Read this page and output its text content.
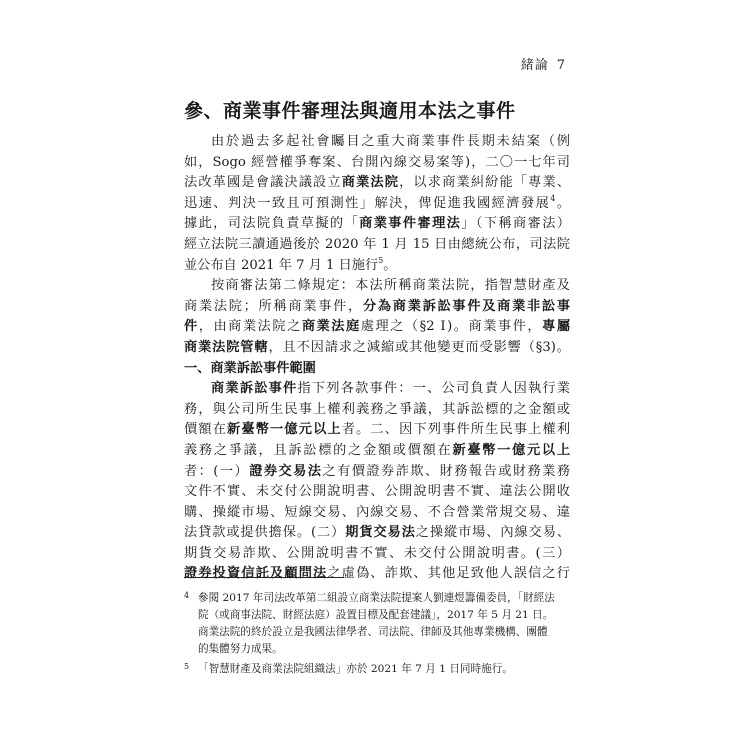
緒論 7
參、商業事件審理法與適用本法之事件
由於過去多起社會矚目之重大商業事件長期未結案（例
如，Sogo 經營權爭奪案、台開內線交易案等)，二〇一七年司
法改革國是會議決議設立商業法院，以求商業糾紛能「專業、
迅速、判決一致且可預測性」解決，俾促進我國經濟發展$^4$。
據此，司法院負責草擬的「商業事件審理法」（下稱商審法）
經立法院三讀通過後於 2020 年 1 月 15 日由總統公布，司法院
並公布自 2021 年 7 月 1 日施行$^5$。
按商審法第二條規定：本法所稱商業法院，指智慧財產及
商業法院；所稱商業事件，分為商業訴訟事件及商業非訟事
件，由商業法院之商業法庭處理之（§2 Ⅰ)。商業事件，專屬
商業法院管轄，且不因請求之減縮或其他變更而受影響（§3)。
一、商業訴訟事件範圍
商業訴訟事件指下列各款事件：一、公司負責人因執行業
務，與公司所生民事上權利義務之爭議，其訴訟標的之金額或
價額在新臺幣一億元以上者。二、因下列事件所生民事上權利
義務之爭議，且訴訟標的之金額或價額在新臺幣一億元以上
者：(一）證券交易法之有價證券詐欺、財務報告或財務業務
文件不實、未交付公開說明書、公開說明書不實、違法公開收
購、操縱市場、短線交易、內線交易、不合營業常規交易、違
法貸款或提供擔保。(二）期貨交易法之操縱市場、內線交易、
期貨交易詐欺、公開說明書不實、未交付公開說明書。(三）
證券投資信託及顧問法之虛偽、詐欺、其他足致他人誤信之行
4 參閱 2017 年司法改革第二組設立商業法院提案人劉連煜籌備委員，「財經法
院（或商事法院、財經法庭）設置目標及配套建議」，2017 年 5 月 21 日。
商業法院的終於設立是我國法律學者、司法院、律師及其他專業機構、團體
的集體努力成果。
5 「智慧財產及商業法院組織法」亦於 2021 年 7 月 1 日同時施行。
